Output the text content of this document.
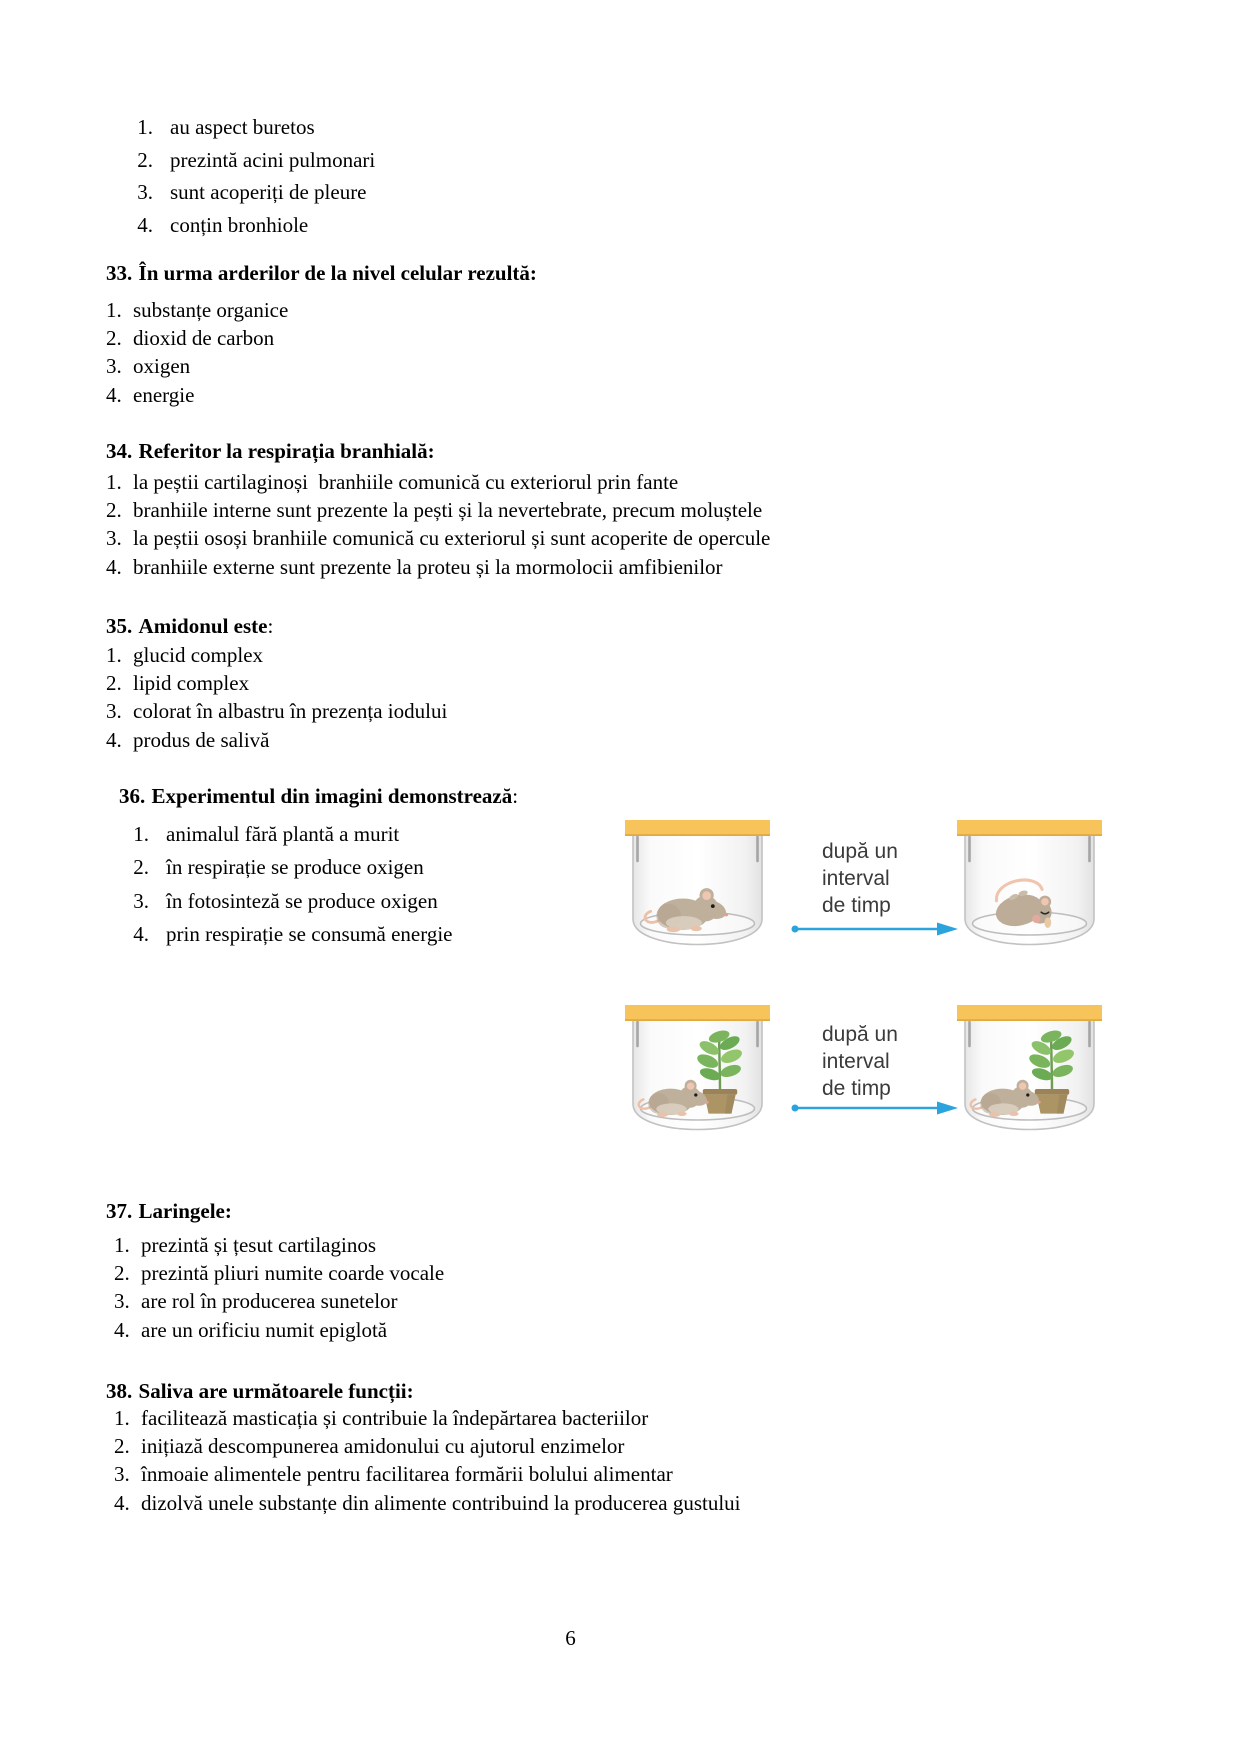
1. au aspect buretos
2. prezintă acini pulmonari
3. sunt acoperiți de pleure
4. conțin bronhiole
33. În urma arderilor de la nivel celular rezultă:
1. substanțe organice
2. dioxid de carbon
3. oxigen
4. energie
34. Referitor la respirația branhială:
1. la peștii cartilaginoși  branhiile comunică cu exteriorul prin fante
2. branhiile interne sunt prezente la pești și la nevertebrate, precum moluștele
3. la peștii osoși branhiile comunică cu exteriorul și sunt acoperite de opercule
4. branhiile externe sunt prezente la proteu și la mormolocii amfibienilor
35. Amidonul este:
1. glucid complex
2. lipid complex
3. colorat în albastru în prezența iodului
4. produs de salivă
36. Experimentul din imagini demonstrează:
1. animalul fără plantă a murit
2. în respirație se produce oxigen
3. în fotosinteză se produce oxigen
4. prin respirație se consumă energie
după un
interval
de timp
după un
interval
de timp
37. Laringele:
1. prezintă și țesut cartilaginos
2. prezintă pliuri numite coarde vocale
3. are rol în producerea sunetelor
4. are un orificiu numit epiglotă
38. Saliva are următoarele funcții:
1. facilitează masticația și contribuie la îndepărtarea bacteriilor
2. inițiază descompunerea amidonului cu ajutorul enzimelor
3. înmoaie alimentele pentru facilitarea formării bolului alimentar
4. dizolvă unele substanțe din alimente contribuind la producerea gustului
6
